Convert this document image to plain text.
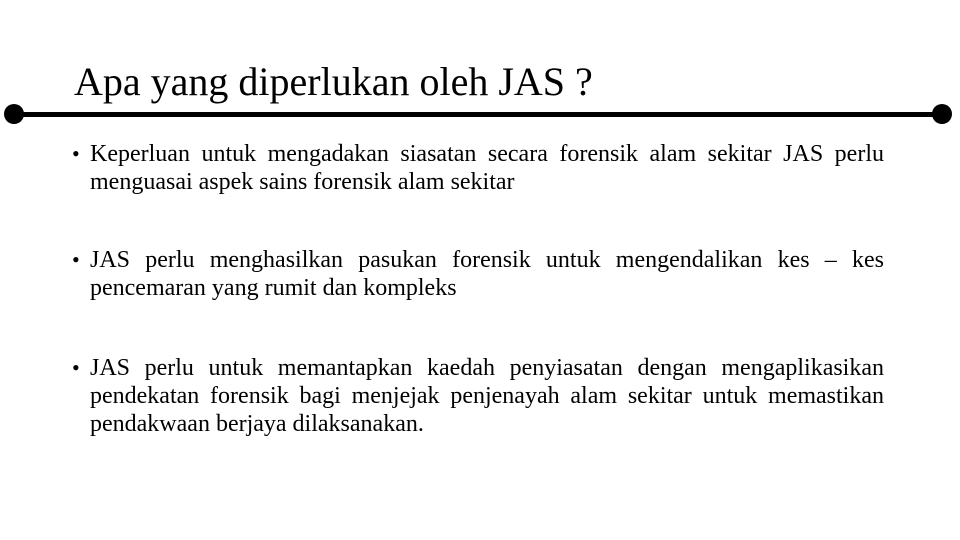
Apa yang diperlukan oleh JAS ?
• Keperluan untuk mengadakan siasatan secara forensik alam sekitar JAS perlu menguasai aspek sains forensik alam sekitar
• JAS perlu menghasilkan pasukan forensik untuk mengendalikan kes – kes pencemaran yang rumit dan kompleks
• JAS perlu untuk memantapkan kaedah penyiasatan dengan mengaplikasikan pendekatan forensik bagi menjejak penjenayah alam sekitar untuk memastikan pendakwaan berjaya dilaksanakan.
